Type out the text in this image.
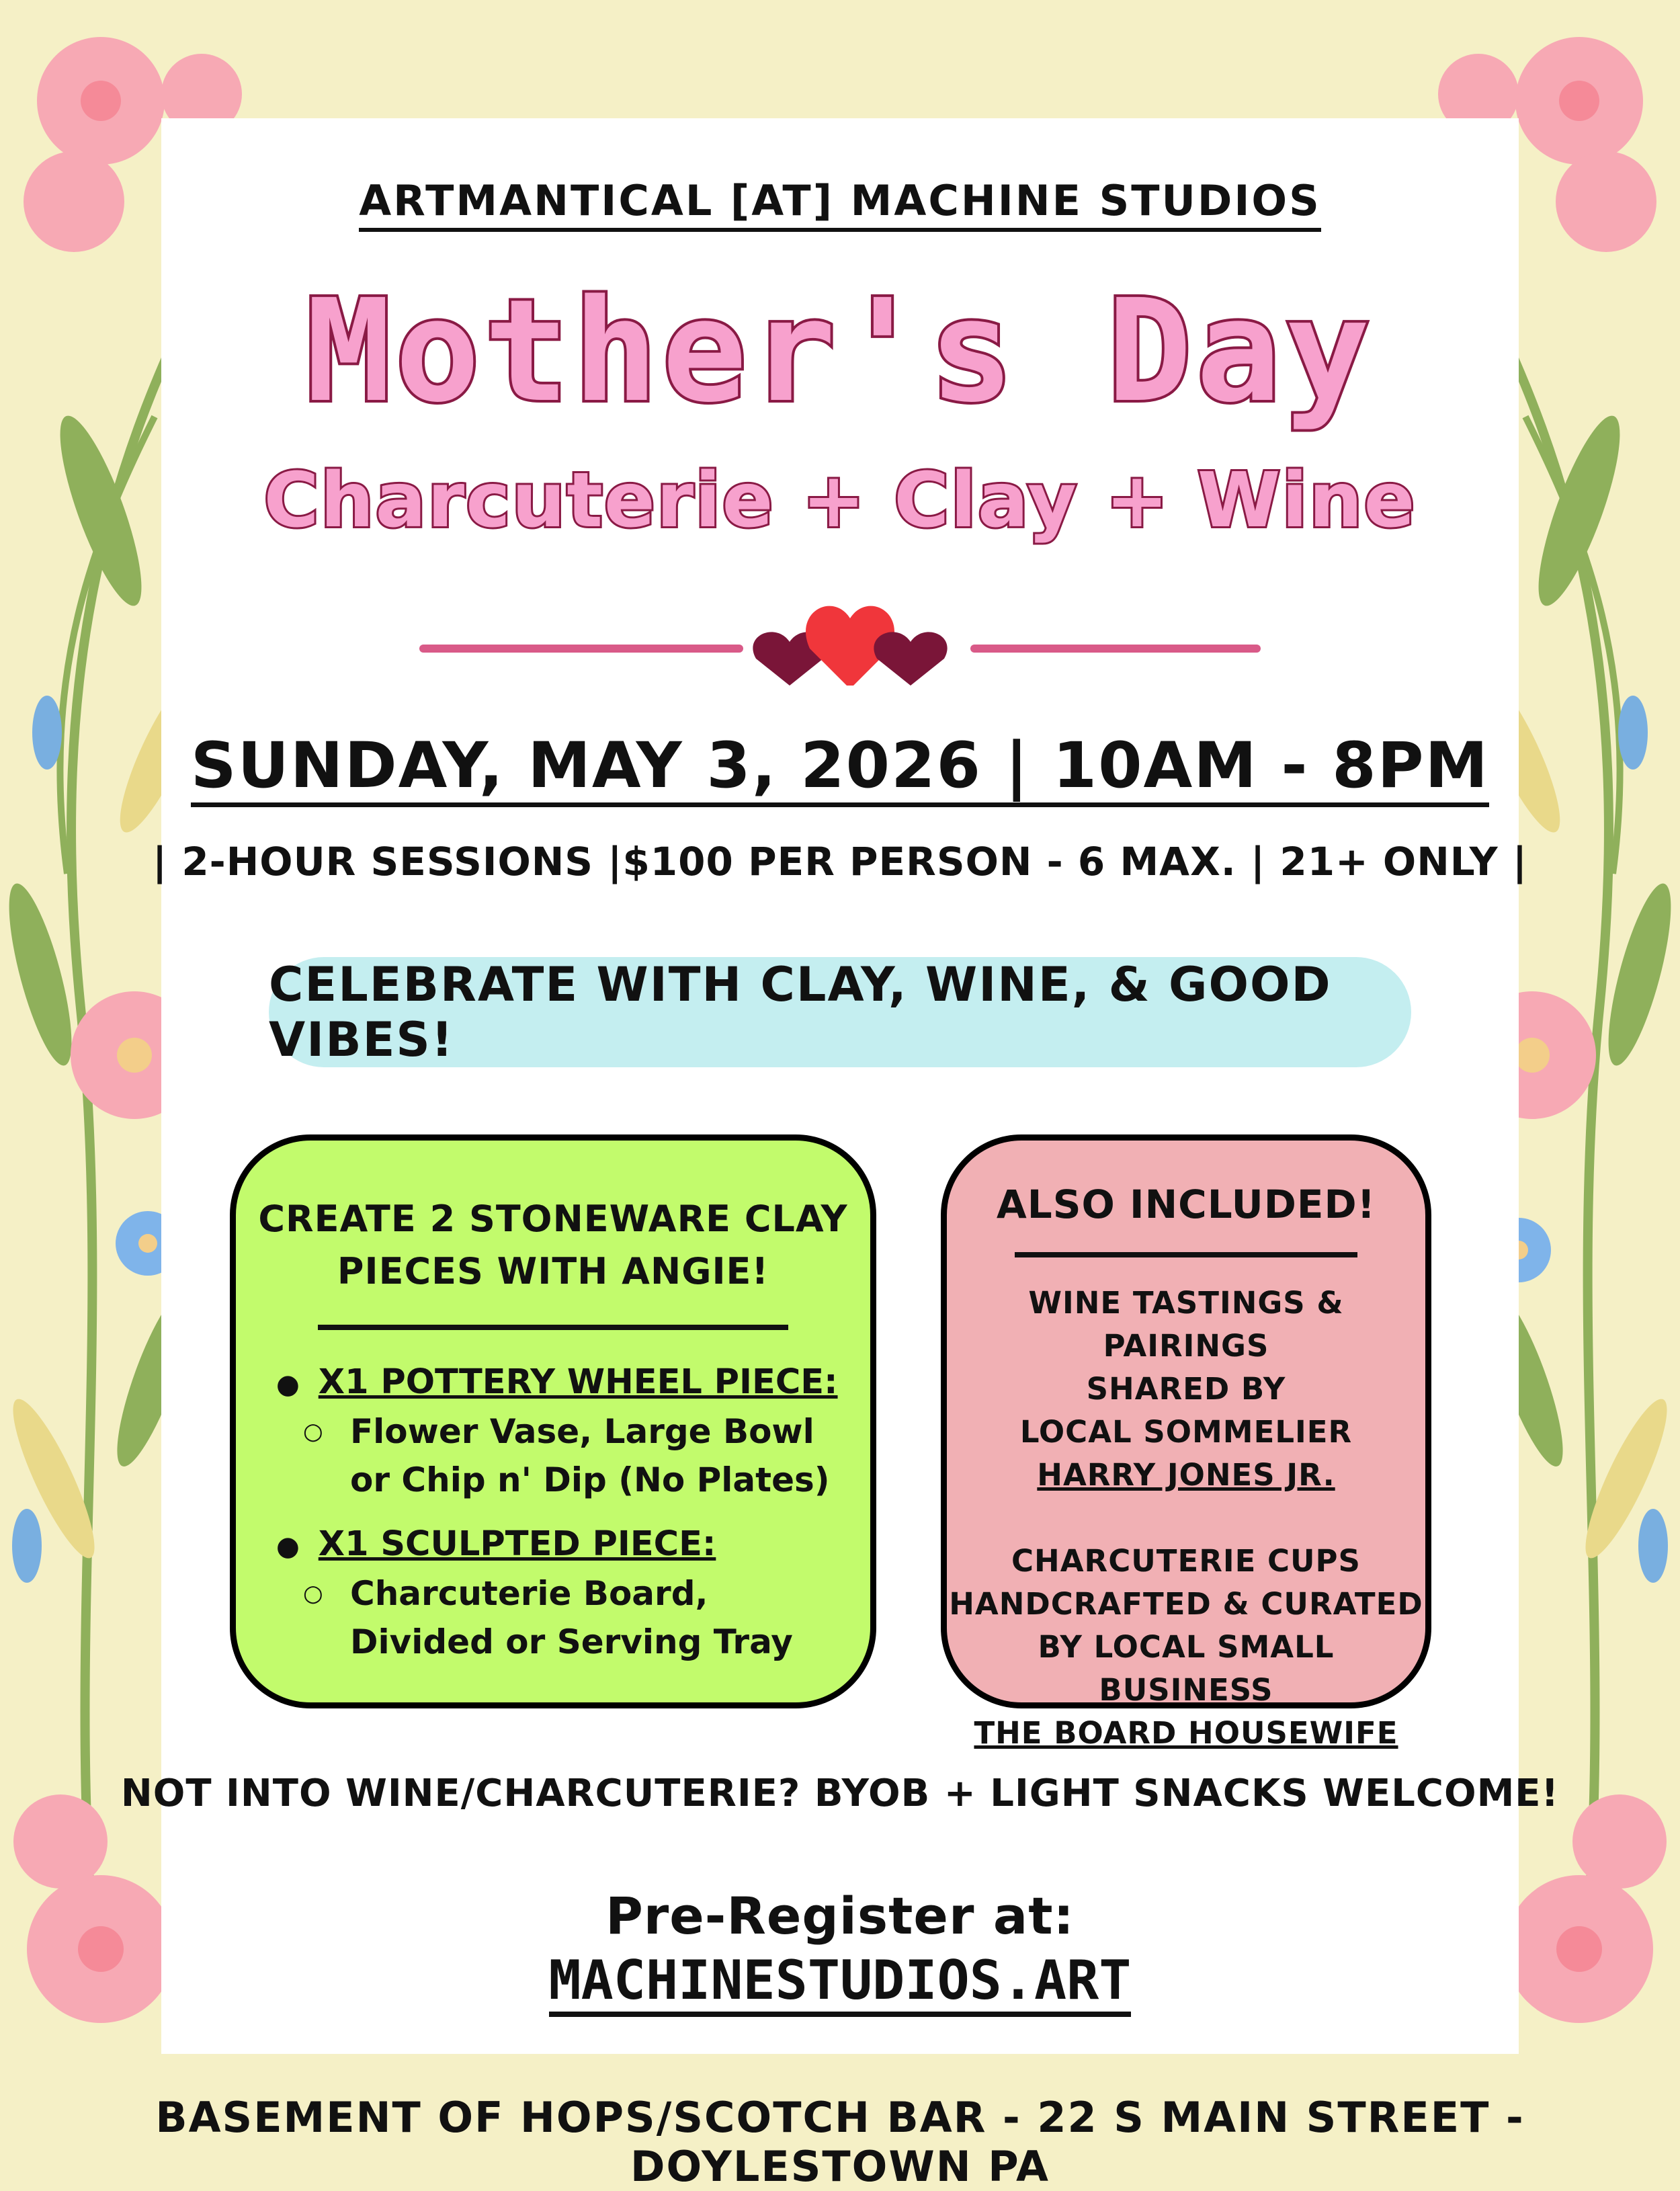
ARTMANTICAL [AT] MACHINE STUDIOS
Mother's Day
Charcuterie + Clay + Wine
SUNDAY, MAY 3, 2026 | 10AM - 8PM
| 2-HOUR SESSIONS |$100 PER PERSON - 6 MAX. | 21+ ONLY |
CELEBRATE WITH CLAY, WINE, & GOOD VIBES!
CREATE 2 STONEWARE CLAY
PIECES WITH ANGIE!
●  X1 POTTERY WHEEL PIECE:
○ Flower Vase, Large Bowl
or Chip n' Dip (No Plates)
●  X1 SCULPTED PIECE:
○ Charcuterie Board,
Divided or Serving Tray
ALSO INCLUDED!
WINE TASTINGS & PAIRINGS
SHARED BY
LOCAL SOMMELIER
HARRY JONES JR.
CHARCUTERIE CUPS
HANDCRAFTED & CURATED
BY LOCAL SMALL BUSINESS
THE BOARD HOUSEWIFE
NOT INTO WINE/CHARCUTERIE? BYOB + LIGHT SNACKS WELCOME!
Pre-Register at:
MACHINESTUDIOS.ART
BASEMENT OF HOPS/SCOTCH BAR - 22 S MAIN STREET - DOYLESTOWN PA
